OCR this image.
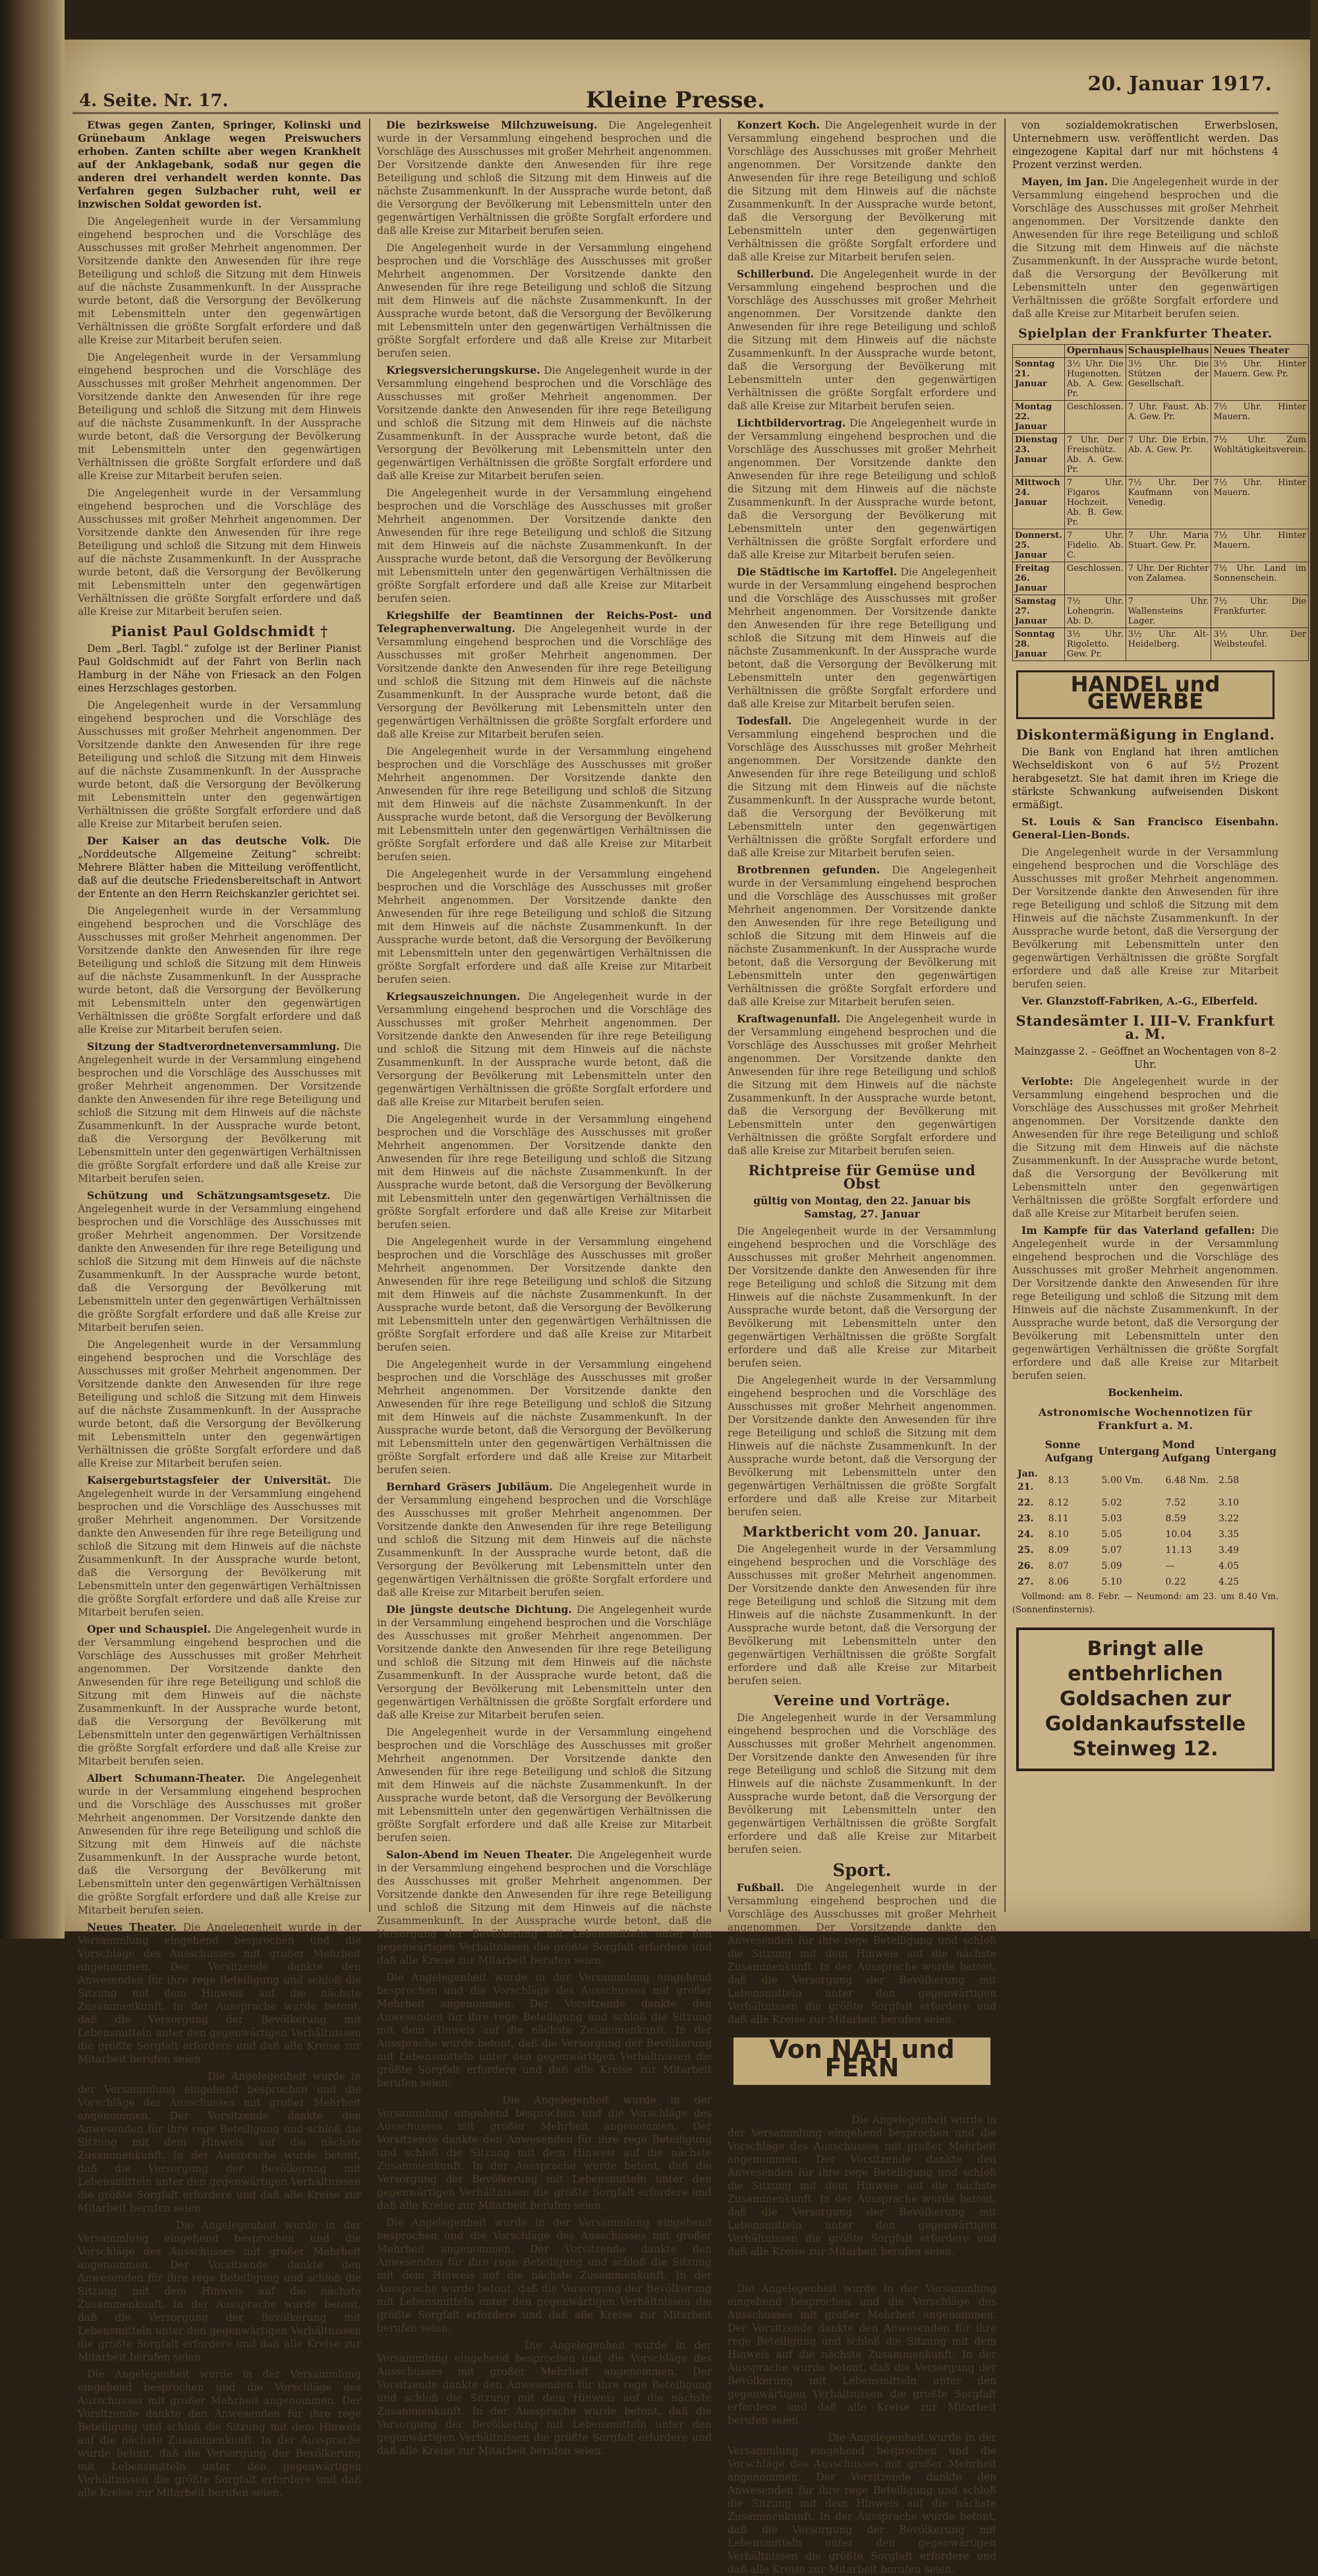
4. Seite. Nr. 17.	Kleine Presse.
20. Januar 1917.

Etwas gegen Zanten, Springer, Kolinski und Grünebaum Anklage wegen Preiswuchers erhoben. Zanten schilte aber wegen Krankheit auf der Anklagebank, sodaß nur gegen die anderen drei verhandelt werden konnte. Das Verfahren gegen Sulzbacher ruht, weil er inzwischen Soldat geworden ist.

Die Angelegenheit wurde in der Versammlung eingehend besprochen und die Vorschläge des Ausschusses mit großer Mehrheit angenommen. Der Vorsitzende dankte den Anwesenden für ihre rege Beteiligung und schloß die Sitzung mit dem Hinweis auf die nächste Zusammenkunft. In der Aussprache wurde betont, daß die Versorgung der Bevölkerung mit Lebensmitteln unter den gegenwärtigen Verhältnissen die größte Sorgfalt erfordere und daß alle Kreise zur Mitarbeit berufen seien.

Die Angelegenheit wurde in der Versammlung eingehend besprochen und die Vorschläge des Ausschusses mit großer Mehrheit angenommen. Der Vorsitzende dankte den Anwesenden für ihre rege Beteiligung und schloß die Sitzung mit dem Hinweis auf die nächste Zusammenkunft. In der Aussprache wurde betont, daß die Versorgung der Bevölkerung mit Lebensmitteln unter den gegenwärtigen Verhältnissen die größte Sorgfalt erfordere und daß alle Kreise zur Mitarbeit berufen seien.

Die Angelegenheit wurde in der Versammlung eingehend besprochen und die Vorschläge des Ausschusses mit großer Mehrheit angenommen. Der Vorsitzende dankte den Anwesenden für ihre rege Beteiligung und schloß die Sitzung mit dem Hinweis auf die nächste Zusammenkunft. In der Aussprache wurde betont, daß die Versorgung der Bevölkerung mit Lebensmitteln unter den gegenwärtigen Verhältnissen die größte Sorgfalt erfordere und daß alle Kreise zur Mitarbeit berufen seien.

Pianist Paul Goldschmidt †

Dem „Berl. Tagbl.“ zufolge ist der Berliner Pianist Paul Goldschmidt auf der Fahrt von Berlin nach Hamburg in der Nähe von Friesack an den Folgen eines Herzschlages gestorben.

Die Angelegenheit wurde in der Versammlung eingehend besprochen und die Vorschläge des Ausschusses mit großer Mehrheit angenommen. Der Vorsitzende dankte den Anwesenden für ihre rege Beteiligung und schloß die Sitzung mit dem Hinweis auf die nächste Zusammenkunft. In der Aussprache wurde betont, daß die Versorgung der Bevölkerung mit Lebensmitteln unter den gegenwärtigen Verhältnissen die größte Sorgfalt erfordere und daß alle Kreise zur Mitarbeit berufen seien.

Der Kaiser an das deutsche Volk. Die „Norddeutsche Allgemeine Zeitung“ schreibt: Mehrere Blätter haben die Mitteilung veröffentlicht, daß auf die deutsche Friedensbereitschaft in Antwort der Entente an den Herrn Reichskanzler gerichtet sei.

Die Angelegenheit wurde in der Versammlung eingehend besprochen und die Vorschläge des Ausschusses mit großer Mehrheit angenommen. Der Vorsitzende dankte den Anwesenden für ihre rege Beteiligung und schloß die Sitzung mit dem Hinweis auf die nächste Zusammenkunft. In der Aussprache wurde betont, daß die Versorgung der Bevölkerung mit Lebensmitteln unter den gegenwärtigen Verhältnissen die größte Sorgfalt erfordere und daß alle Kreise zur Mitarbeit berufen seien.

Sitzung der Stadtverordnetenversammlung. Die Angelegenheit wurde in der Versammlung eingehend besprochen und die Vorschläge des Ausschusses mit großer Mehrheit angenommen. Der Vorsitzende dankte den Anwesenden für ihre rege Beteiligung und schloß die Sitzung mit dem Hinweis auf die nächste Zusammenkunft. In der Aussprache wurde betont, daß die Versorgung der Bevölkerung mit Lebensmitteln unter den gegenwärtigen Verhältnissen die größte Sorgfalt erfordere und daß alle Kreise zur Mitarbeit berufen seien.

Schützung und Schätzungsamtsgesetz. Die Angelegenheit wurde in der Versammlung eingehend besprochen und die Vorschläge des Ausschusses mit großer Mehrheit angenommen. Der Vorsitzende dankte den Anwesenden für ihre rege Beteiligung und schloß die Sitzung mit dem Hinweis auf die nächste Zusammenkunft. In der Aussprache wurde betont, daß die Versorgung der Bevölkerung mit Lebensmitteln unter den gegenwärtigen Verhältnissen die größte Sorgfalt erfordere und daß alle Kreise zur Mitarbeit berufen seien.

Die Angelegenheit wurde in der Versammlung eingehend besprochen und die Vorschläge des Ausschusses mit großer Mehrheit angenommen. Der Vorsitzende dankte den Anwesenden für ihre rege Beteiligung und schloß die Sitzung mit dem Hinweis auf die nächste Zusammenkunft. In der Aussprache wurde betont, daß die Versorgung der Bevölkerung mit Lebensmitteln unter den gegenwärtigen Verhältnissen die größte Sorgfalt erfordere und daß alle Kreise zur Mitarbeit berufen seien.

Kaisergeburtstagsfeier der Universität. Die Angelegenheit wurde in der Versammlung eingehend besprochen und die Vorschläge des Ausschusses mit großer Mehrheit angenommen. Der Vorsitzende dankte den Anwesenden für ihre rege Beteiligung und schloß die Sitzung mit dem Hinweis auf die nächste Zusammenkunft. In der Aussprache wurde betont, daß die Versorgung der Bevölkerung mit Lebensmitteln unter den gegenwärtigen Verhältnissen die größte Sorgfalt erfordere und daß alle Kreise zur Mitarbeit berufen seien.

Oper und Schauspiel. Die Angelegenheit wurde in der Versammlung eingehend besprochen und die Vorschläge des Ausschusses mit großer Mehrheit angenommen. Der Vorsitzende dankte den Anwesenden für ihre rege Beteiligung und schloß die Sitzung mit dem Hinweis auf die nächste Zusammenkunft. In der Aussprache wurde betont, daß die Versorgung der Bevölkerung mit Lebensmitteln unter den gegenwärtigen Verhältnissen die größte Sorgfalt erfordere und daß alle Kreise zur Mitarbeit berufen seien.

Albert Schumann-Theater. Die Angelegenheit wurde in der Versammlung eingehend besprochen und die Vorschläge des Ausschusses mit großer Mehrheit angenommen. Der Vorsitzende dankte den Anwesenden für ihre rege Beteiligung und schloß die Sitzung mit dem Hinweis auf die nächste Zusammenkunft. In der Aussprache wurde betont, daß die Versorgung der Bevölkerung mit Lebensmitteln unter den gegenwärtigen Verhältnissen die größte Sorgfalt erfordere und daß alle Kreise zur Mitarbeit berufen seien.

Neues Theater. Die Angelegenheit wurde in der Versammlung eingehend besprochen und die Vorschläge des Ausschusses mit großer Mehrheit angenommen. Der Vorsitzende dankte den Anwesenden für ihre rege Beteiligung und schloß die Sitzung mit dem Hinweis auf die nächste Zusammenkunft. In der Aussprache wurde betont, daß die Versorgung der Bevölkerung mit Lebensmitteln unter den gegenwärtigen Verhältnissen die größte Sorgfalt erfordere und daß alle Kreise zur Mitarbeit berufen seien.

Eine Uraufführung. Die Angelegenheit wurde in der Versammlung eingehend besprochen und die Vorschläge des Ausschusses mit großer Mehrheit angenommen. Der Vorsitzende dankte den Anwesenden für ihre rege Beteiligung und schloß die Sitzung mit dem Hinweis auf die nächste Zusammenkunft. In der Aussprache wurde betont, daß die Versorgung der Bevölkerung mit Lebensmitteln unter den gegenwärtigen Verhältnissen die größte Sorgfalt erfordere und daß alle Kreise zur Mitarbeit berufen seien.

Heilaufgaben. Die Angelegenheit wurde in der Versammlung eingehend besprochen und die Vorschläge des Ausschusses mit großer Mehrheit angenommen. Der Vorsitzende dankte den Anwesenden für ihre rege Beteiligung und schloß die Sitzung mit dem Hinweis auf die nächste Zusammenkunft. In der Aussprache wurde betont, daß die Versorgung der Bevölkerung mit Lebensmitteln unter den gegenwärtigen Verhältnissen die größte Sorgfalt erfordere und daß alle Kreise zur Mitarbeit berufen seien.

Die Angelegenheit wurde in der Versammlung eingehend besprochen und die Vorschläge des Ausschusses mit großer Mehrheit angenommen. Der Vorsitzende dankte den Anwesenden für ihre rege Beteiligung und schloß die Sitzung mit dem Hinweis auf die nächste Zusammenkunft. In der Aussprache wurde betont, daß die Versorgung der Bevölkerung mit Lebensmitteln unter den gegenwärtigen Verhältnissen die größte Sorgfalt erfordere und daß alle Kreise zur Mitarbeit berufen seien.

Die bezirksweise Milchzuweisung. Die Angelegenheit wurde in der Versammlung eingehend besprochen und die Vorschläge des Ausschusses mit großer Mehrheit angenommen. Der Vorsitzende dankte den Anwesenden für ihre rege Beteiligung und schloß die Sitzung mit dem Hinweis auf die nächste Zusammenkunft. In der Aussprache wurde betont, daß die Versorgung der Bevölkerung mit Lebensmitteln unter den gegenwärtigen Verhältnissen die größte Sorgfalt erfordere und daß alle Kreise zur Mitarbeit berufen seien.

Die Angelegenheit wurde in der Versammlung eingehend besprochen und die Vorschläge des Ausschusses mit großer Mehrheit angenommen. Der Vorsitzende dankte den Anwesenden für ihre rege Beteiligung und schloß die Sitzung mit dem Hinweis auf die nächste Zusammenkunft. In der Aussprache wurde betont, daß die Versorgung der Bevölkerung mit Lebensmitteln unter den gegenwärtigen Verhältnissen die größte Sorgfalt erfordere und daß alle Kreise zur Mitarbeit berufen seien.

Kriegsversicherungskurse. Die Angelegenheit wurde in der Versammlung eingehend besprochen und die Vorschläge des Ausschusses mit großer Mehrheit angenommen. Der Vorsitzende dankte den Anwesenden für ihre rege Beteiligung und schloß die Sitzung mit dem Hinweis auf die nächste Zusammenkunft. In der Aussprache wurde betont, daß die Versorgung der Bevölkerung mit Lebensmitteln unter den gegenwärtigen Verhältnissen die größte Sorgfalt erfordere und daß alle Kreise zur Mitarbeit berufen seien.

Die Angelegenheit wurde in der Versammlung eingehend besprochen und die Vorschläge des Ausschusses mit großer Mehrheit angenommen. Der Vorsitzende dankte den Anwesenden für ihre rege Beteiligung und schloß die Sitzung mit dem Hinweis auf die nächste Zusammenkunft. In der Aussprache wurde betont, daß die Versorgung der Bevölkerung mit Lebensmitteln unter den gegenwärtigen Verhältnissen die größte Sorgfalt erfordere und daß alle Kreise zur Mitarbeit berufen seien.

Kriegshilfe der Beamtinnen der Reichs-Post- und Telegraphenverwaltung. Die Angelegenheit wurde in der Versammlung eingehend besprochen und die Vorschläge des Ausschusses mit großer Mehrheit angenommen. Der Vorsitzende dankte den Anwesenden für ihre rege Beteiligung und schloß die Sitzung mit dem Hinweis auf die nächste Zusammenkunft. In der Aussprache wurde betont, daß die Versorgung der Bevölkerung mit Lebensmitteln unter den gegenwärtigen Verhältnissen die größte Sorgfalt erfordere und daß alle Kreise zur Mitarbeit berufen seien.

Die Angelegenheit wurde in der Versammlung eingehend besprochen und die Vorschläge des Ausschusses mit großer Mehrheit angenommen. Der Vorsitzende dankte den Anwesenden für ihre rege Beteiligung und schloß die Sitzung mit dem Hinweis auf die nächste Zusammenkunft. In der Aussprache wurde betont, daß die Versorgung der Bevölkerung mit Lebensmitteln unter den gegenwärtigen Verhältnissen die größte Sorgfalt erfordere und daß alle Kreise zur Mitarbeit berufen seien.

Die Angelegenheit wurde in der Versammlung eingehend besprochen und die Vorschläge des Ausschusses mit großer Mehrheit angenommen. Der Vorsitzende dankte den Anwesenden für ihre rege Beteiligung und schloß die Sitzung mit dem Hinweis auf die nächste Zusammenkunft. In der Aussprache wurde betont, daß die Versorgung der Bevölkerung mit Lebensmitteln unter den gegenwärtigen Verhältnissen die größte Sorgfalt erfordere und daß alle Kreise zur Mitarbeit berufen seien.

Kriegsauszeichnungen. Die Angelegenheit wurde in der Versammlung eingehend besprochen und die Vorschläge des Ausschusses mit großer Mehrheit angenommen. Der Vorsitzende dankte den Anwesenden für ihre rege Beteiligung und schloß die Sitzung mit dem Hinweis auf die nächste Zusammenkunft. In der Aussprache wurde betont, daß die Versorgung der Bevölkerung mit Lebensmitteln unter den gegenwärtigen Verhältnissen die größte Sorgfalt erfordere und daß alle Kreise zur Mitarbeit berufen seien.

Die Angelegenheit wurde in der Versammlung eingehend besprochen und die Vorschläge des Ausschusses mit großer Mehrheit angenommen. Der Vorsitzende dankte den Anwesenden für ihre rege Beteiligung und schloß die Sitzung mit dem Hinweis auf die nächste Zusammenkunft. In der Aussprache wurde betont, daß die Versorgung der Bevölkerung mit Lebensmitteln unter den gegenwärtigen Verhältnissen die größte Sorgfalt erfordere und daß alle Kreise zur Mitarbeit berufen seien.

Die Angelegenheit wurde in der Versammlung eingehend besprochen und die Vorschläge des Ausschusses mit großer Mehrheit angenommen. Der Vorsitzende dankte den Anwesenden für ihre rege Beteiligung und schloß die Sitzung mit dem Hinweis auf die nächste Zusammenkunft. In der Aussprache wurde betont, daß die Versorgung der Bevölkerung mit Lebensmitteln unter den gegenwärtigen Verhältnissen die größte Sorgfalt erfordere und daß alle Kreise zur Mitarbeit berufen seien.

Die Angelegenheit wurde in der Versammlung eingehend besprochen und die Vorschläge des Ausschusses mit großer Mehrheit angenommen. Der Vorsitzende dankte den Anwesenden für ihre rege Beteiligung und schloß die Sitzung mit dem Hinweis auf die nächste Zusammenkunft. In der Aussprache wurde betont, daß die Versorgung der Bevölkerung mit Lebensmitteln unter den gegenwärtigen Verhältnissen die größte Sorgfalt erfordere und daß alle Kreise zur Mitarbeit berufen seien.

Bernhard Gräsers Jubiläum. Die Angelegenheit wurde in der Versammlung eingehend besprochen und die Vorschläge des Ausschusses mit großer Mehrheit angenommen. Der Vorsitzende dankte den Anwesenden für ihre rege Beteiligung und schloß die Sitzung mit dem Hinweis auf die nächste Zusammenkunft. In der Aussprache wurde betont, daß die Versorgung der Bevölkerung mit Lebensmitteln unter den gegenwärtigen Verhältnissen die größte Sorgfalt erfordere und daß alle Kreise zur Mitarbeit berufen seien.

Die jüngste deutsche Dichtung. Die Angelegenheit wurde in der Versammlung eingehend besprochen und die Vorschläge des Ausschusses mit großer Mehrheit angenommen. Der Vorsitzende dankte den Anwesenden für ihre rege Beteiligung und schloß die Sitzung mit dem Hinweis auf die nächste Zusammenkunft. In der Aussprache wurde betont, daß die Versorgung der Bevölkerung mit Lebensmitteln unter den gegenwärtigen Verhältnissen die größte Sorgfalt erfordere und daß alle Kreise zur Mitarbeit berufen seien.

Die Angelegenheit wurde in der Versammlung eingehend besprochen und die Vorschläge des Ausschusses mit großer Mehrheit angenommen. Der Vorsitzende dankte den Anwesenden für ihre rege Beteiligung und schloß die Sitzung mit dem Hinweis auf die nächste Zusammenkunft. In der Aussprache wurde betont, daß die Versorgung der Bevölkerung mit Lebensmitteln unter den gegenwärtigen Verhältnissen die größte Sorgfalt erfordere und daß alle Kreise zur Mitarbeit berufen seien.

Salon-Abend im Neuen Theater. Die Angelegenheit wurde in der Versammlung eingehend besprochen und die Vorschläge des Ausschusses mit großer Mehrheit angenommen. Der Vorsitzende dankte den Anwesenden für ihre rege Beteiligung und schloß die Sitzung mit dem Hinweis auf die nächste Zusammenkunft. In der Aussprache wurde betont, daß die Versorgung der Bevölkerung mit Lebensmitteln unter den gegenwärtigen Verhältnissen die größte Sorgfalt erfordere und daß alle Kreise zur Mitarbeit berufen seien.

Die Angelegenheit wurde in der Versammlung eingehend besprochen und die Vorschläge des Ausschusses mit großer Mehrheit angenommen. Der Vorsitzende dankte den Anwesenden für ihre rege Beteiligung und schloß die Sitzung mit dem Hinweis auf die nächste Zusammenkunft. In der Aussprache wurde betont, daß die Versorgung der Bevölkerung mit Lebensmitteln unter den gegenwärtigen Verhältnissen die größte Sorgfalt erfordere und daß alle Kreise zur Mitarbeit berufen seien.

Freidenkerverein. Die Angelegenheit wurde in der Versammlung eingehend besprochen und die Vorschläge des Ausschusses mit großer Mehrheit angenommen. Der Vorsitzende dankte den Anwesenden für ihre rege Beteiligung und schloß die Sitzung mit dem Hinweis auf die nächste Zusammenkunft. In der Aussprache wurde betont, daß die Versorgung der Bevölkerung mit Lebensmitteln unter den gegenwärtigen Verhältnissen die größte Sorgfalt erfordere und daß alle Kreise zur Mitarbeit berufen seien.

Die Angelegenheit wurde in der Versammlung eingehend besprochen und die Vorschläge des Ausschusses mit großer Mehrheit angenommen. Der Vorsitzende dankte den Anwesenden für ihre rege Beteiligung und schloß die Sitzung mit dem Hinweis auf die nächste Zusammenkunft. In der Aussprache wurde betont, daß die Versorgung der Bevölkerung mit Lebensmitteln unter den gegenwärtigen Verhältnissen die größte Sorgfalt erfordere und daß alle Kreise zur Mitarbeit berufen seien.

Frauenbildungsverein. Die Angelegenheit wurde in der Versammlung eingehend besprochen und die Vorschläge des Ausschusses mit großer Mehrheit angenommen. Der Vorsitzende dankte den Anwesenden für ihre rege Beteiligung und schloß die Sitzung mit dem Hinweis auf die nächste Zusammenkunft. In der Aussprache wurde betont, daß die Versorgung der Bevölkerung mit Lebensmitteln unter den gegenwärtigen Verhältnissen die größte Sorgfalt erfordere und daß alle Kreise zur Mitarbeit berufen seien.

Konzert Koch. Die Angelegenheit wurde in der Versammlung eingehend besprochen und die Vorschläge des Ausschusses mit großer Mehrheit angenommen. Der Vorsitzende dankte den Anwesenden für ihre rege Beteiligung und schloß die Sitzung mit dem Hinweis auf die nächste Zusammenkunft. In der Aussprache wurde betont, daß die Versorgung der Bevölkerung mit Lebensmitteln unter den gegenwärtigen Verhältnissen die größte Sorgfalt erfordere und daß alle Kreise zur Mitarbeit berufen seien.

Schillerbund. Die Angelegenheit wurde in der Versammlung eingehend besprochen und die Vorschläge des Ausschusses mit großer Mehrheit angenommen. Der Vorsitzende dankte den Anwesenden für ihre rege Beteiligung und schloß die Sitzung mit dem Hinweis auf die nächste Zusammenkunft. In der Aussprache wurde betont, daß die Versorgung der Bevölkerung mit Lebensmitteln unter den gegenwärtigen Verhältnissen die größte Sorgfalt erfordere und daß alle Kreise zur Mitarbeit berufen seien.

Lichtbildervortrag. Die Angelegenheit wurde in der Versammlung eingehend besprochen und die Vorschläge des Ausschusses mit großer Mehrheit angenommen. Der Vorsitzende dankte den Anwesenden für ihre rege Beteiligung und schloß die Sitzung mit dem Hinweis auf die nächste Zusammenkunft. In der Aussprache wurde betont, daß die Versorgung der Bevölkerung mit Lebensmitteln unter den gegenwärtigen Verhältnissen die größte Sorgfalt erfordere und daß alle Kreise zur Mitarbeit berufen seien.

Die Städtische im Kartoffel. Die Angelegenheit wurde in der Versammlung eingehend besprochen und die Vorschläge des Ausschusses mit großer Mehrheit angenommen. Der Vorsitzende dankte den Anwesenden für ihre rege Beteiligung und schloß die Sitzung mit dem Hinweis auf die nächste Zusammenkunft. In der Aussprache wurde betont, daß die Versorgung der Bevölkerung mit Lebensmitteln unter den gegenwärtigen Verhältnissen die größte Sorgfalt erfordere und daß alle Kreise zur Mitarbeit berufen seien.

Todesfall. Die Angelegenheit wurde in der Versammlung eingehend besprochen und die Vorschläge des Ausschusses mit großer Mehrheit angenommen. Der Vorsitzende dankte den Anwesenden für ihre rege Beteiligung und schloß die Sitzung mit dem Hinweis auf die nächste Zusammenkunft. In der Aussprache wurde betont, daß die Versorgung der Bevölkerung mit Lebensmitteln unter den gegenwärtigen Verhältnissen die größte Sorgfalt erfordere und daß alle Kreise zur Mitarbeit berufen seien.

Brotbrennen gefunden. Die Angelegenheit wurde in der Versammlung eingehend besprochen und die Vorschläge des Ausschusses mit großer Mehrheit angenommen. Der Vorsitzende dankte den Anwesenden für ihre rege Beteiligung und schloß die Sitzung mit dem Hinweis auf die nächste Zusammenkunft. In der Aussprache wurde betont, daß die Versorgung der Bevölkerung mit Lebensmitteln unter den gegenwärtigen Verhältnissen die größte Sorgfalt erfordere und daß alle Kreise zur Mitarbeit berufen seien.

Kraftwagenunfall. Die Angelegenheit wurde in der Versammlung eingehend besprochen und die Vorschläge des Ausschusses mit großer Mehrheit angenommen. Der Vorsitzende dankte den Anwesenden für ihre rege Beteiligung und schloß die Sitzung mit dem Hinweis auf die nächste Zusammenkunft. In der Aussprache wurde betont, daß die Versorgung der Bevölkerung mit Lebensmitteln unter den gegenwärtigen Verhältnissen die größte Sorgfalt erfordere und daß alle Kreise zur Mitarbeit berufen seien.

Richtpreise für Gemüse und Obst

gültig von Montag, den 22. Januar bis Samstag, 27. Januar

Die Angelegenheit wurde in der Versammlung eingehend besprochen und die Vorschläge des Ausschusses mit großer Mehrheit angenommen. Der Vorsitzende dankte den Anwesenden für ihre rege Beteiligung und schloß die Sitzung mit dem Hinweis auf die nächste Zusammenkunft. In der Aussprache wurde betont, daß die Versorgung der Bevölkerung mit Lebensmitteln unter den gegenwärtigen Verhältnissen die größte Sorgfalt erfordere und daß alle Kreise zur Mitarbeit berufen seien.

Die Angelegenheit wurde in der Versammlung eingehend besprochen und die Vorschläge des Ausschusses mit großer Mehrheit angenommen. Der Vorsitzende dankte den Anwesenden für ihre rege Beteiligung und schloß die Sitzung mit dem Hinweis auf die nächste Zusammenkunft. In der Aussprache wurde betont, daß die Versorgung der Bevölkerung mit Lebensmitteln unter den gegenwärtigen Verhältnissen die größte Sorgfalt erfordere und daß alle Kreise zur Mitarbeit berufen seien.

Marktbericht vom 20. Januar.

Die Angelegenheit wurde in der Versammlung eingehend besprochen und die Vorschläge des Ausschusses mit großer Mehrheit angenommen. Der Vorsitzende dankte den Anwesenden für ihre rege Beteiligung und schloß die Sitzung mit dem Hinweis auf die nächste Zusammenkunft. In der Aussprache wurde betont, daß die Versorgung der Bevölkerung mit Lebensmitteln unter den gegenwärtigen Verhältnissen die größte Sorgfalt erfordere und daß alle Kreise zur Mitarbeit berufen seien.

Vereine und Vorträge.

Die Angelegenheit wurde in der Versammlung eingehend besprochen und die Vorschläge des Ausschusses mit großer Mehrheit angenommen. Der Vorsitzende dankte den Anwesenden für ihre rege Beteiligung und schloß die Sitzung mit dem Hinweis auf die nächste Zusammenkunft. In der Aussprache wurde betont, daß die Versorgung der Bevölkerung mit Lebensmitteln unter den gegenwärtigen Verhältnissen die größte Sorgfalt erfordere und daß alle Kreise zur Mitarbeit berufen seien.

Sport.

Fußball. Die Angelegenheit wurde in der Versammlung eingehend besprochen und die Vorschläge des Ausschusses mit großer Mehrheit angenommen. Der Vorsitzende dankte den Anwesenden für ihre rege Beteiligung und schloß die Sitzung mit dem Hinweis auf die nächste Zusammenkunft. In der Aussprache wurde betont, daß die Versorgung der Bevölkerung mit Lebensmitteln unter den gegenwärtigen Verhältnissen die größte Sorgfalt erfordere und daß alle Kreise zur Mitarbeit berufen seien.

Von NAH und FERN
Ein Kaisertelegramm.

Darmstadt, 19. Jan. Die Angelegenheit wurde in der Versammlung eingehend besprochen und die Vorschläge des Ausschusses mit großer Mehrheit angenommen. Der Vorsitzende dankte den Anwesenden für ihre rege Beteiligung und schloß die Sitzung mit dem Hinweis auf die nächste Zusammenkunft. In der Aussprache wurde betont, daß die Versorgung der Bevölkerung mit Lebensmitteln unter den gegenwärtigen Verhältnissen die größte Sorgfalt erfordere und daß alle Kreise zur Mitarbeit berufen seien.

Aus Darmstadt.

Die Angelegenheit wurde in der Versammlung eingehend besprochen und die Vorschläge des Ausschusses mit großer Mehrheit angenommen. Der Vorsitzende dankte den Anwesenden für ihre rege Beteiligung und schloß die Sitzung mit dem Hinweis auf die nächste Zusammenkunft. In der Aussprache wurde betont, daß die Versorgung der Bevölkerung mit Lebensmitteln unter den gegenwärtigen Verhältnissen die größte Sorgfalt erfordere und daß alle Kreise zur Mitarbeit berufen seien.

Mainz, 18. Jan. Die Angelegenheit wurde in der Versammlung eingehend besprochen und die Vorschläge des Ausschusses mit großer Mehrheit angenommen. Der Vorsitzende dankte den Anwesenden für ihre rege Beteiligung und schloß die Sitzung mit dem Hinweis auf die nächste Zusammenkunft. In der Aussprache wurde betont, daß die Versorgung der Bevölkerung mit Lebensmitteln unter den gegenwärtigen Verhältnissen die größte Sorgfalt erfordere und daß alle Kreise zur Mitarbeit berufen seien.

von sozialdemokratischen Erwerbslosen, Unternehmern usw. veröffentlicht werden. Das eingezogene Kapital darf nur mit höchstens 4 Prozent verzinst werden.

Mayen, im Jan. Die Angelegenheit wurde in der Versammlung eingehend besprochen und die Vorschläge des Ausschusses mit großer Mehrheit angenommen. Der Vorsitzende dankte den Anwesenden für ihre rege Beteiligung und schloß die Sitzung mit dem Hinweis auf die nächste Zusammenkunft. In der Aussprache wurde betont, daß die Versorgung der Bevölkerung mit Lebensmitteln unter den gegenwärtigen Verhältnissen die größte Sorgfalt erfordere und daß alle Kreise zur Mitarbeit berufen seien.

Spielplan der Frankfurter Theater.
	Opernhaus	Schauspielhaus	Neues Theater
Sonntag 21. Januar	3½ Uhr. Die Hugenotten. Ab. A. Gew. Pr.	3½ Uhr. Die Stützen der Gesellschaft.	3½ Uhr. Hinter Mauern. Gew. Pr.
Montag 22. Januar	Geschlossen.	7 Uhr. Faust. Ab. A. Gew. Pr.	7½ Uhr. Hinter Mauern.
Dienstag 23. Januar	7 Uhr. Der Freischütz. Ab. A. Gew. Pr.	7 Uhr. Die Erbin. Ab. A. Gew. Pr.	7½ Uhr. Zum Wohltätigkeitsverein.
Mittwoch 24. Januar	7 Uhr. Figaros Hochzeit. Ab. B. Gew. Pr.	7½ Uhr. Der Kaufmann von Venedig.	7½ Uhr. Hinter Mauern.
Donnerst. 25. Januar	7 Uhr. Fidelio. Ab. C.	7 Uhr. Maria Stuart. Gew. Pr.	7½ Uhr. Hinter Mauern.
Freitag 26. Januar	Geschlossen.	7 Uhr. Der Richter von Zalamea.	7½ Uhr. Land im Sonnenschein.
Samstag 27. Januar	7½ Uhr. Lohengrin. Ab. D.	7 Uhr. Wallensteins Lager.	7½ Uhr. Die Frankfurter.
Sonntag 28. Januar	3½ Uhr. Rigoletto. Gew. Pr.	3½ Uhr. Alt-Heidelberg.	3½ Uhr. Der Weibsteufel.
HANDEL und GEWERBE
Diskontermäßigung in England.

Die Bank von England hat ihren amtlichen Wechseldiskont von 6 auf 5½ Prozent herabgesetzt. Sie hat damit ihren im Kriege die stärkste Schwankung aufweisenden Diskont ermäßigt.

St. Louis & San Francisco Eisenbahn. General-Lien-Bonds.

Die Angelegenheit wurde in der Versammlung eingehend besprochen und die Vorschläge des Ausschusses mit großer Mehrheit angenommen. Der Vorsitzende dankte den Anwesenden für ihre rege Beteiligung und schloß die Sitzung mit dem Hinweis auf die nächste Zusammenkunft. In der Aussprache wurde betont, daß die Versorgung der Bevölkerung mit Lebensmitteln unter den gegenwärtigen Verhältnissen die größte Sorgfalt erfordere und daß alle Kreise zur Mitarbeit berufen seien.

Ver. Glanzstoff-Fabriken, A.-G., Elberfeld.

Standesämter I. III–V. Frankfurt a. M.

Mainzgasse 2. – Geöffnet an Wochentagen von 8–2 Uhr.

Verlobte: Die Angelegenheit wurde in der Versammlung eingehend besprochen und die Vorschläge des Ausschusses mit großer Mehrheit angenommen. Der Vorsitzende dankte den Anwesenden für ihre rege Beteiligung und schloß die Sitzung mit dem Hinweis auf die nächste Zusammenkunft. In der Aussprache wurde betont, daß die Versorgung der Bevölkerung mit Lebensmitteln unter den gegenwärtigen Verhältnissen die größte Sorgfalt erfordere und daß alle Kreise zur Mitarbeit berufen seien.

Im Kampfe für das Vaterland gefallen: Die Angelegenheit wurde in der Versammlung eingehend besprochen und die Vorschläge des Ausschusses mit großer Mehrheit angenommen. Der Vorsitzende dankte den Anwesenden für ihre rege Beteiligung und schloß die Sitzung mit dem Hinweis auf die nächste Zusammenkunft. In der Aussprache wurde betont, daß die Versorgung der Bevölkerung mit Lebensmitteln unter den gegenwärtigen Verhältnissen die größte Sorgfalt erfordere und daß alle Kreise zur Mitarbeit berufen seien.

Bockenheim.

Astronomische Wochennotizen für Frankfurt a. M.
	Sonne Aufgang	Untergang	Mond Aufgang	Untergang
Jan. 21.	8.13	5.00 Vm.	6.48 Nm.	2.58
22.	8.12	5.02	7.52	3.10
23.	8.11	5.03	8.59	3.22
24.	8.10	5.05	10.04	3.35
25.	8.09	5.07	11.13	3.49
26.	8.07	5.09	—	4.05
27.	8.06	5.10	0.22	4.25

Vollmond: am 8. Febr. — Neumond: am 23. um 8.40 Vm. (Sonnenfinsternis).

Bringt alle entbehrlichen Goldsachen zur Goldankaufsstelle Steinweg 12.
